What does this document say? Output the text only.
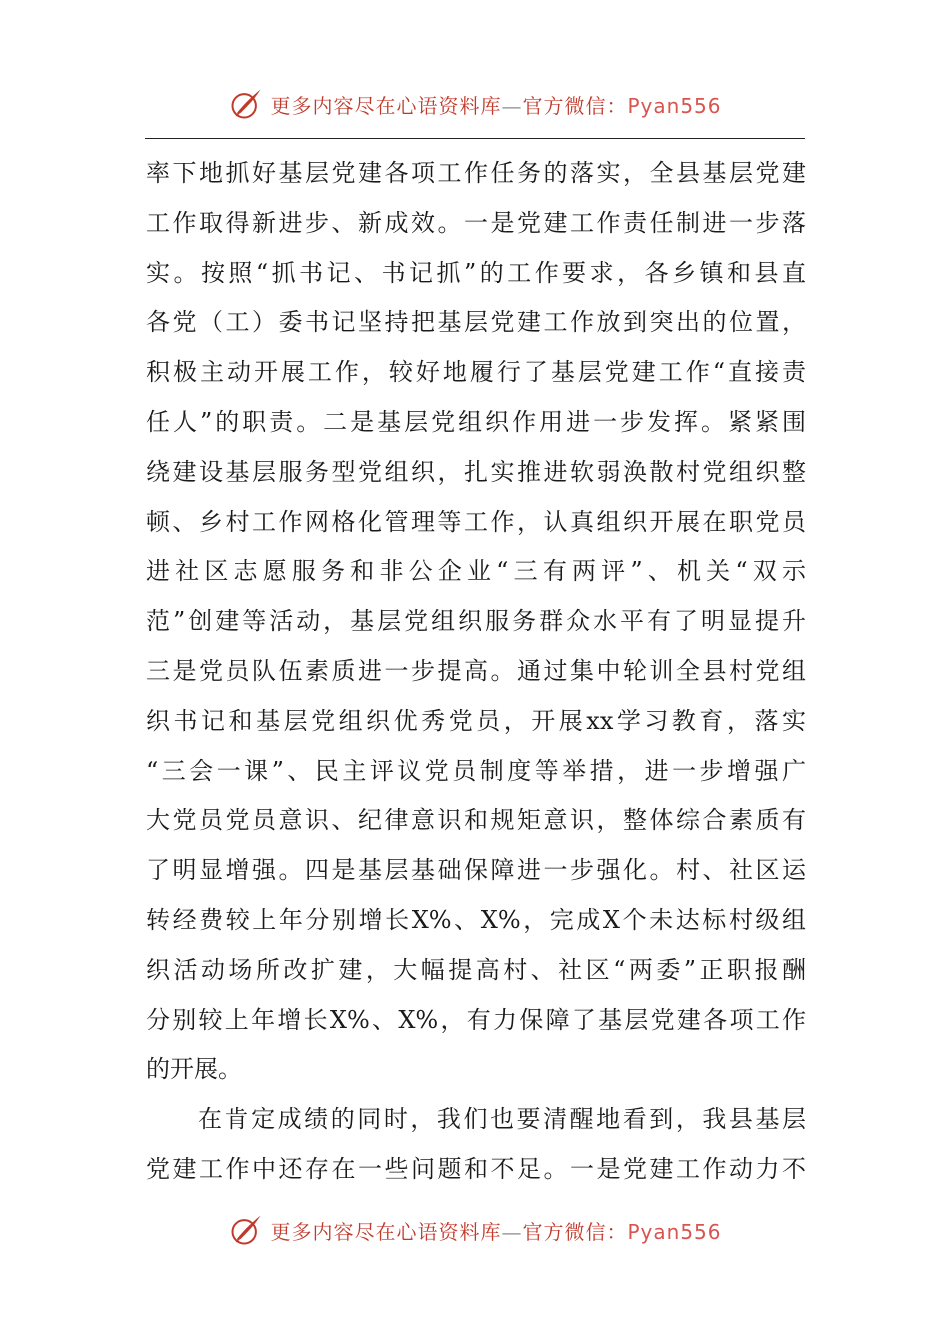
更多内容尽在心语资料库—官方微信：Pyan556
率下地抓好基层党建各项工作任务的落实，全县基层党建
工作取得新进步、新成效。一是党建工作责任制进一步落
实。按照“抓书记、书记抓”的工作要求，各乡镇和县直
各党（工）委书记坚持把基层党建工作放到突出的位置，
积极主动开展工作，较好地履行了基层党建工作“直接责
任人”的职责。二是基层党组织作用进一步发挥。紧紧围
绕建设基层服务型党组织，扎实推进软弱涣散村党组织整
顿、乡村工作网格化管理等工作，认真组织开展在职党员
进社区志愿服务和非公企业“三有两评”、机关“双示
范”创建等活动，基层党组织服务群众水平有了明显提升
三是党员队伍素质进一步提高。通过集中轮训全县村党组
织书记和基层党组织优秀党员，开展xx学习教育，落实
“三会一课”、民主评议党员制度等举措，进一步增强广
大党员党员意识、纪律意识和规矩意识，整体综合素质有
了明显增强。四是基层基础保障进一步强化。村、社区运
转经费较上年分别增长X%、X%，完成X个未达标村级组
织活动场所改扩建，大幅提高村、社区“两委”正职报酬
分别较上年增长X%、X%，有力保障了基层党建各项工作
的开展。
在肯定成绩的同时，我们也要清醒地看到，我县基层
党建工作中还存在一些问题和不足。一是党建工作动力不
更多内容尽在心语资料库—官方微信：Pyan556
